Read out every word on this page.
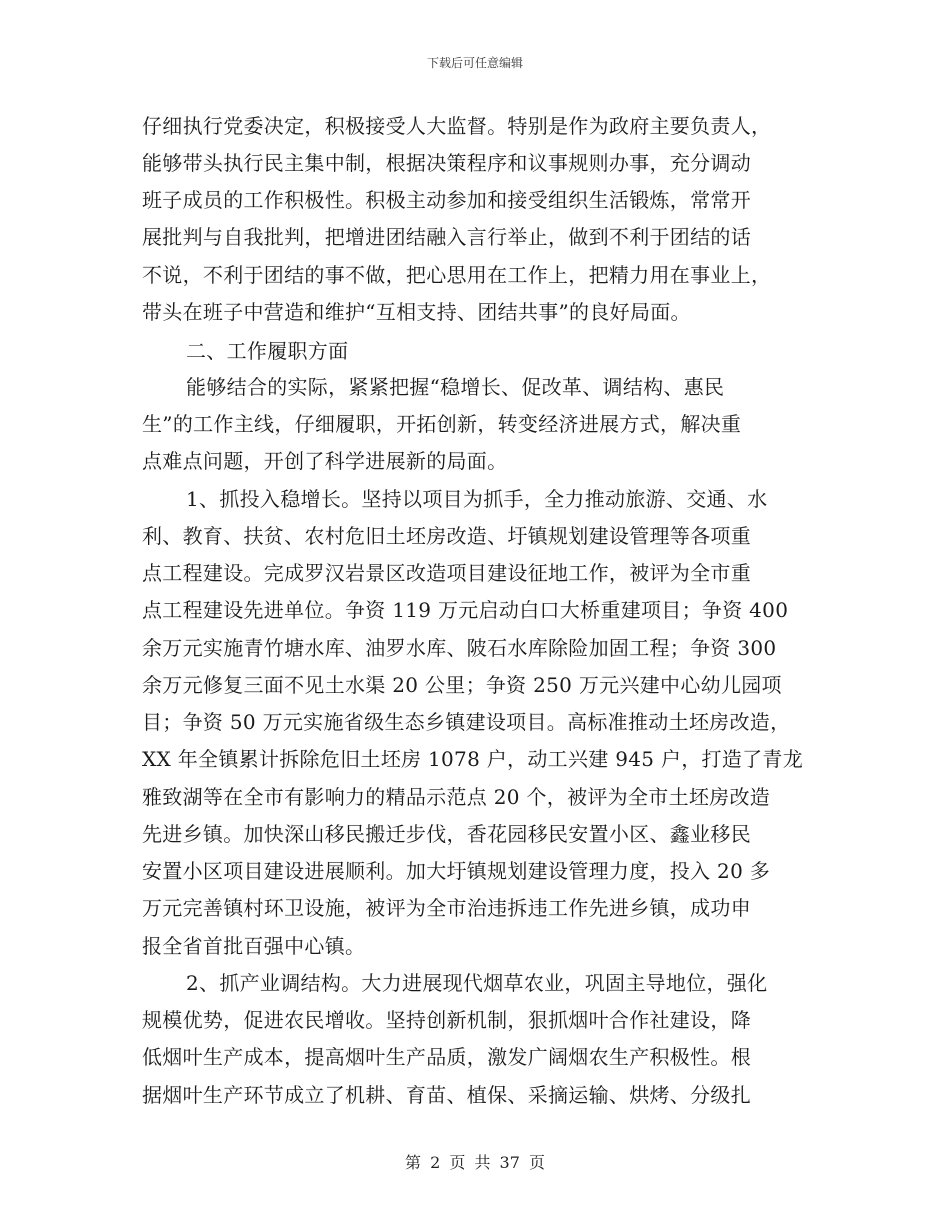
下载后可任意编辑
仔细执行党委决定，积极接受人大监督。特别是作为政府主要负责人，
能够带头执行民主集中制，根据决策程序和议事规则办事，充分调动
班子成员的工作积极性。积极主动参加和接受组织生活锻炼，常常开
展批判与自我批判，把增进团结融入言行举止，做到不利于团结的话
不说，不利于团结的事不做，把心思用在工作上，把精力用在事业上，
带头在班子中营造和维护“互相支持、团结共事”的良好局面。
二、工作履职方面
能够结合的实际，紧紧把握“稳增长、促改革、调结构、惠民
生”的工作主线，仔细履职，开拓创新，转变经济进展方式，解决重
点难点问题，开创了科学进展新的局面。
1、抓投入稳增长。坚持以项目为抓手，全力推动旅游、交通、水
利、教育、扶贫、农村危旧土坯房改造、圩镇规划建设管理等各项重
点工程建设。完成罗汉岩景区改造项目建设征地工作，被评为全市重
点工程建设先进单位。争资 119 万元启动白口大桥重建项目；争资 400
余万元实施青竹塘水库、油罗水库、陂石水库除险加固工程；争资 300
余万元修复三面不见土水渠 20 公里；争资 250 万元兴建中心幼儿园项
目；争资 50 万元实施省级生态乡镇建设项目。高标准推动土坯房改造，
XX 年全镇累计拆除危旧土坯房 1078 户，动工兴建 945 户，打造了青龙
雅致湖等在全市有影响力的精品示范点 20 个，被评为全市土坯房改造
先进乡镇。加快深山移民搬迁步伐，香花园移民安置小区、鑫业移民
安置小区项目建设进展顺利。加大圩镇规划建设管理力度，投入 20 多
万元完善镇村环卫设施，被评为全市治违拆违工作先进乡镇，成功申
报全省首批百强中心镇。
2、抓产业调结构。大力进展现代烟草农业，巩固主导地位，强化
规模优势，促进农民增收。坚持创新机制，狠抓烟叶合作社建设，降
低烟叶生产成本，提高烟叶生产品质，激发广阔烟农生产积极性。根
据烟叶生产环节成立了机耕、育苗、植保、采摘运输、烘烤、分级扎
第 2 页 共 37 页
